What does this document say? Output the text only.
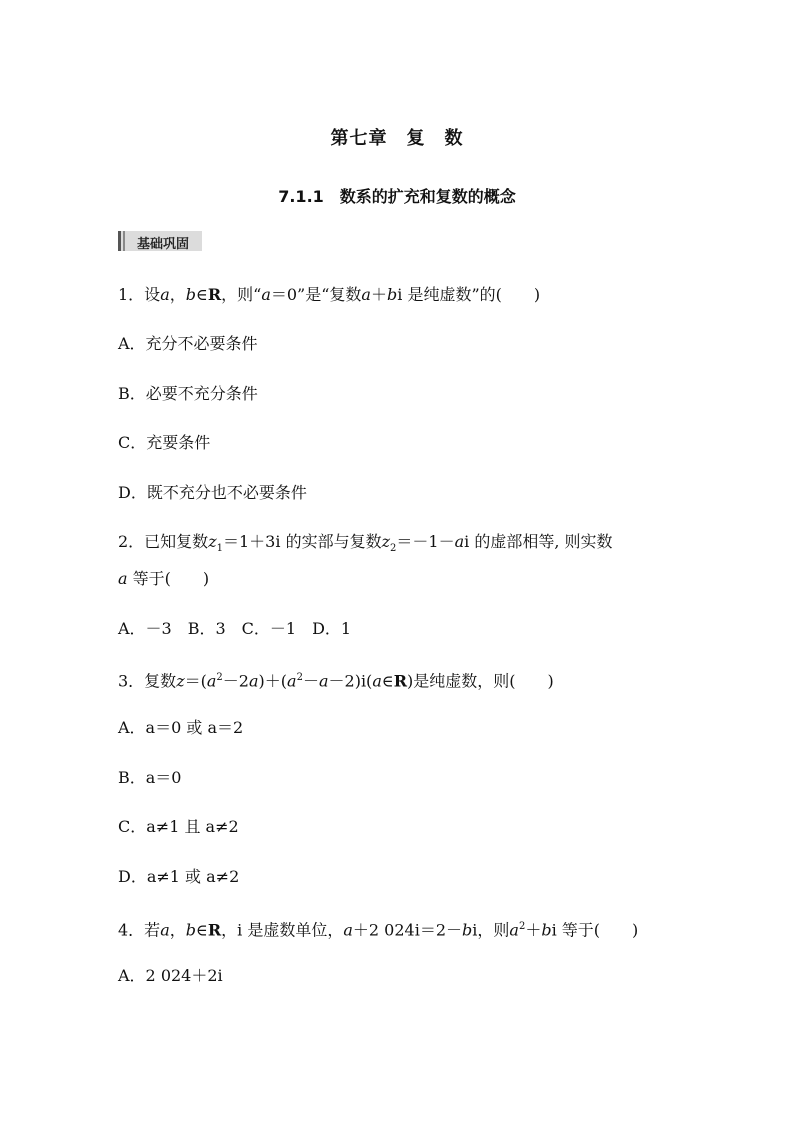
第七章　复　数
7.1.1　数系的扩充和复数的概念
基础巩固
1．设a，b∈R，则“a＝0”是“复数a＋bi 是纯虚数”的(　　)
A．充分不必要条件
B．必要不充分条件
C．充要条件
D．既不充分也不必要条件
2．已知复数$z_1=1+3i$ 的实部与复数$z_2=-1-ai$ 的虚部相等, 则实数
a 等于(　　)
A．－3　B．3　C．－1　D．1
3．复数$z=(a^2-2a)+(a^2-a-2)i(a\in R)$是纯虚数，则(　　)
A．a＝0 或 a＝2
B．a＝0
C．a≠1 且 a≠2
D．a≠1 或 a≠2
4．若a，b∈R，i 是虚数单位，a＋2 024i＝2－bi，则$a^2+bi$ 等于(　　)
A．2 024＋2i
